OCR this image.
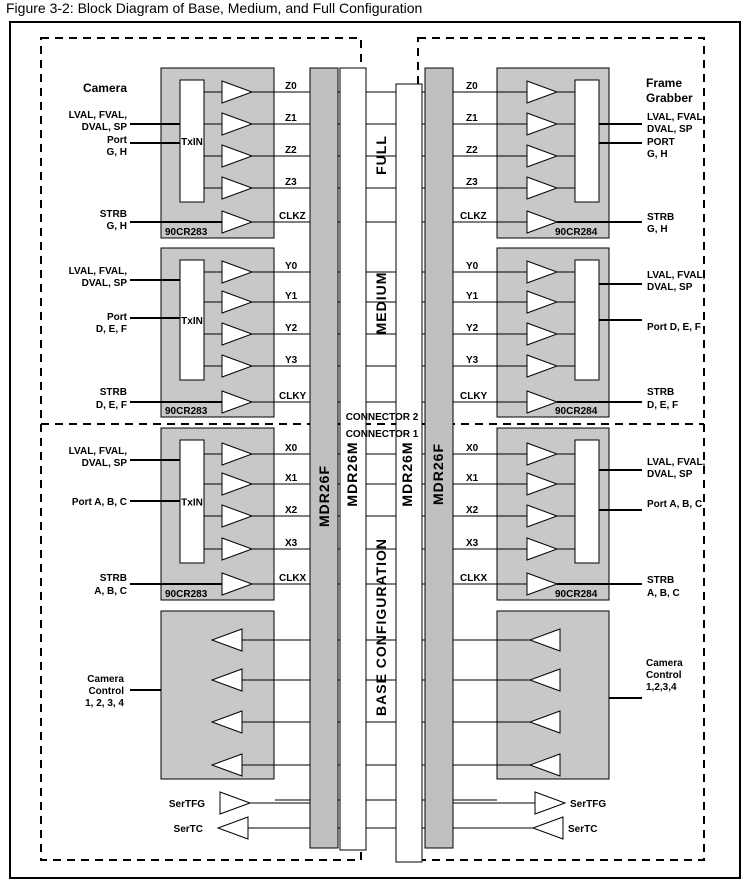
Figure 3-2: Block Diagram of Base, Medium, and Full Configuration
MDR26F MDR26M	MDR26M MDR26F
CONNECTOR 2
CONNECTOR 1
FULL
MEDIUM
BASE CONFIGURATION
TxIN
Z0
Z1
Z2
Z3
CLKZ
90CR283
TxIN
Y0
Y1
Y2
Y3
CLKY
90CR283
TxIN
X0
X1
X2
X3
CLKX
90CR283
Camera
LVAL, FVAL,
DVAL, SP
Port
G, H
STRB
G, H
LVAL, FVAL,
DVAL, SP
Port
D, E, F
STRB
D, E, F
LVAL, FVAL,
DVAL, SP
Port A, B, C
STRB
A, B, C
Camera
Control
1, 2, 3, 4
SerTFG
SerTC
Z0
Z1
Z2
Z3
CLKZ
90CR284
Y0
Y1
Y2
Y3
CLKY
90CR284
X0
X1
X2
X3
CLKX
90CR284
Frame
Grabber
LVAL, FVAL,
DVAL, SP
PORT
G, H
STRB
G, H
LVAL, FVAL,
DVAL, SP
Port D, E, F
STRB
D, E, F
LVAL, FVAL,
DVAL, SP
Port A, B, C
STRB
A, B, C
Camera
Control
1,2,3,4
SerTFG
SerTC
